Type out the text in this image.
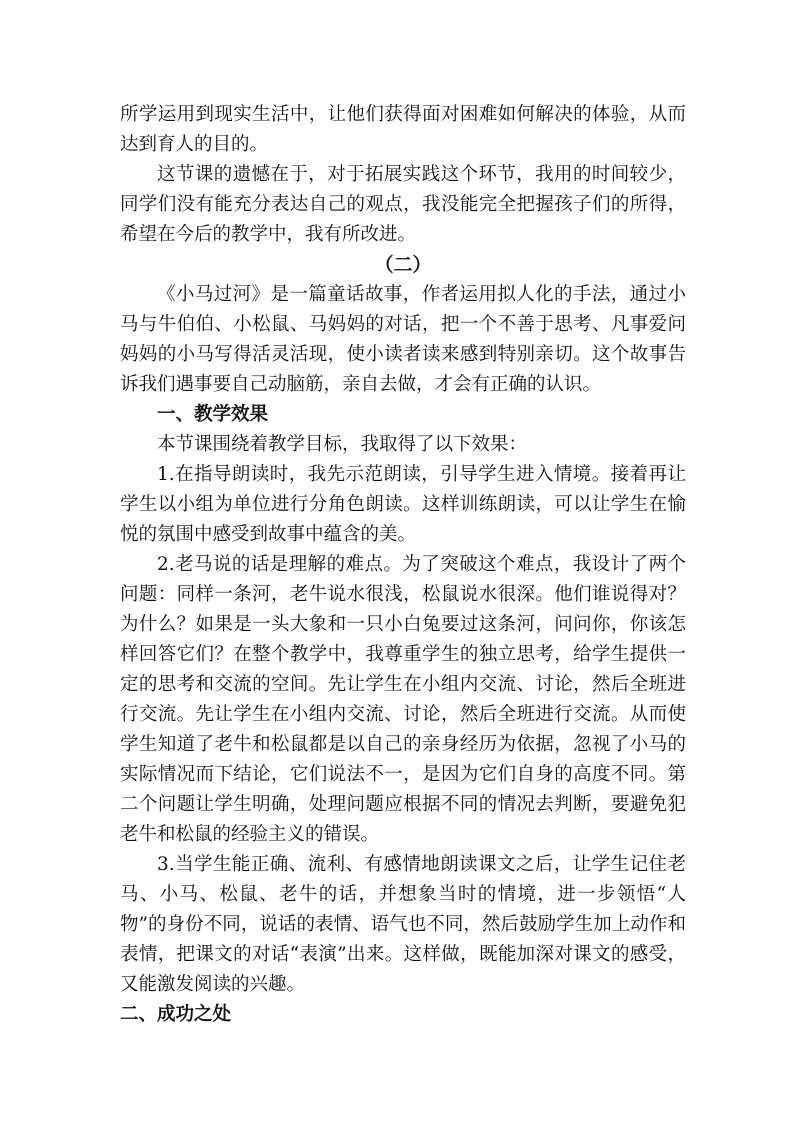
所学运用到现实生活中，让他们获得面对困难如何解决的体验，从而达到育人的目的。

这节课的遗憾在于，对于拓展实践这个环节，我用的时间较少，同学们没有能充分表达自己的观点，我没能完全把握孩子们的所得，希望在今后的教学中，我有所改进。

（二）

《小马过河》是一篇童话故事，作者运用拟人化的手法，通过小马与牛伯伯、小松鼠、马妈妈的对话，把一个不善于思考、凡事爱问妈妈的小马写得活灵活现，使小读者读来感到特别亲切。这个故事告诉我们遇事要自己动脑筋，亲自去做，才会有正确的认识。

一、教学效果

本节课围绕着教学目标，我取得了以下效果：

1.在指导朗读时，我先示范朗读，引导学生进入情境。接着再让学生以小组为单位进行分角色朗读。这样训练朗读，可以让学生在愉悦的氛围中感受到故事中蕴含的美。

2.老马说的话是理解的难点。为了突破这个难点，我设计了两个问题：同样一条河，老牛说水很浅，松鼠说水很深。他们谁说得对？为什么？如果是一头大象和一只小白兔要过这条河，问问你，你该怎样回答它们？在整个教学中，我尊重学生的独立思考，给学生提供一定的思考和交流的空间。先让学生在小组内交流、讨论，然后全班进行交流。先让学生在小组内交流、讨论，然后全班进行交流。从而使学生知道了老牛和松鼠都是以自己的亲身经历为依据，忽视了小马的实际情况而下结论，它们说法不一，是因为它们自身的高度不同。第二个问题让学生明确，处理问题应根据不同的情况去判断，要避免犯老牛和松鼠的经验主义的错误。

3.当学生能正确、流利、有感情地朗读课文之后，让学生记住老马、小马、松鼠、老牛的话，并想象当时的情境，进一步领悟“人物”的身份不同，说话的表情、语气也不同，然后鼓励学生加上动作和表情，把课文的对话“表演”出来。这样做，既能加深对课文的感受，又能激发阅读的兴趣。

二、成功之处
